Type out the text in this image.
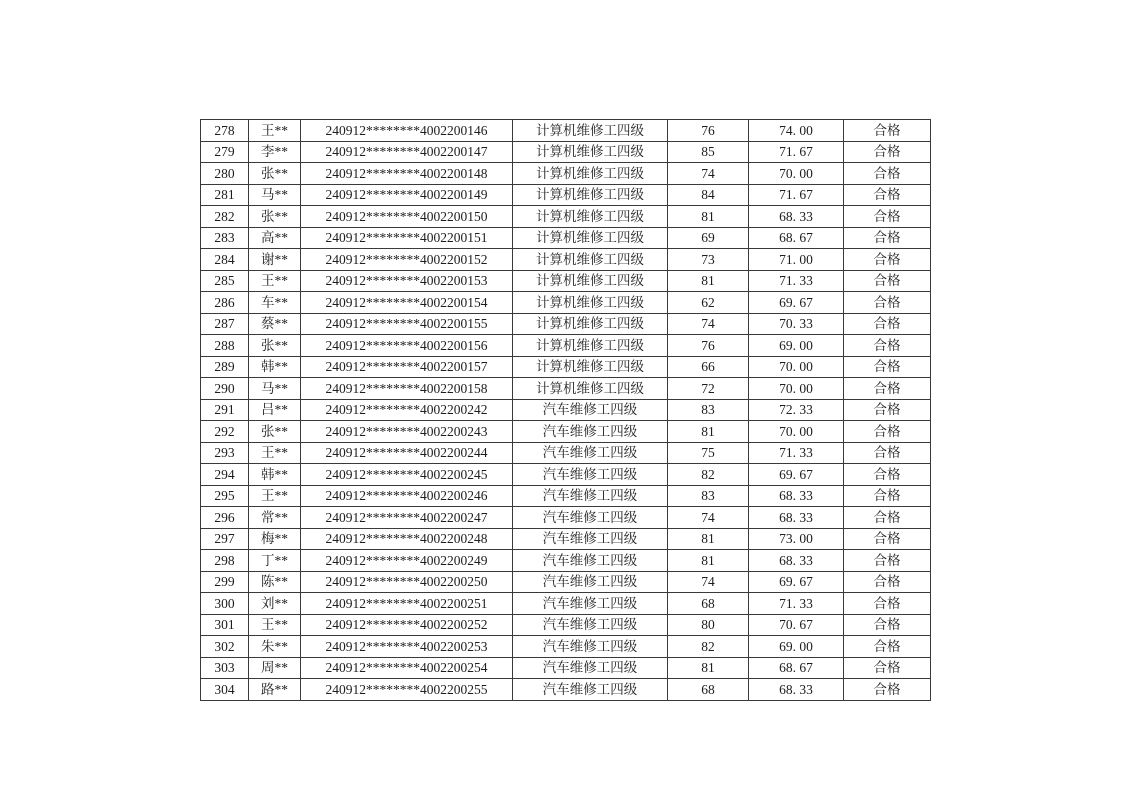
278	王**	240912********4002200146	计算机维修工四级	76	74. 00	合格
279	李**	240912********4002200147	计算机维修工四级	85	71. 67	合格
280	张**	240912********4002200148	计算机维修工四级	74	70. 00	合格
281	马**	240912********4002200149	计算机维修工四级	84	71. 67	合格
282	张**	240912********4002200150	计算机维修工四级	81	68. 33	合格
283	高**	240912********4002200151	计算机维修工四级	69	68. 67	合格
284	谢**	240912********4002200152	计算机维修工四级	73	71. 00	合格
285	王**	240912********4002200153	计算机维修工四级	81	71. 33	合格
286	车**	240912********4002200154	计算机维修工四级	62	69. 67	合格
287	蔡**	240912********4002200155	计算机维修工四级	74	70. 33	合格
288	张**	240912********4002200156	计算机维修工四级	76	69. 00	合格
289	韩**	240912********4002200157	计算机维修工四级	66	70. 00	合格
290	马**	240912********4002200158	计算机维修工四级	72	70. 00	合格
291	吕**	240912********4002200242	汽车维修工四级	83	72. 33	合格
292	张**	240912********4002200243	汽车维修工四级	81	70. 00	合格
293	王**	240912********4002200244	汽车维修工四级	75	71. 33	合格
294	韩**	240912********4002200245	汽车维修工四级	82	69. 67	合格
295	王**	240912********4002200246	汽车维修工四级	83	68. 33	合格
296	常**	240912********4002200247	汽车维修工四级	74	68. 33	合格
297	梅**	240912********4002200248	汽车维修工四级	81	73. 00	合格
298	丁**	240912********4002200249	汽车维修工四级	81	68. 33	合格
299	陈**	240912********4002200250	汽车维修工四级	74	69. 67	合格
300	刘**	240912********4002200251	汽车维修工四级	68	71. 33	合格
301	王**	240912********4002200252	汽车维修工四级	80	70. 67	合格
302	朱**	240912********4002200253	汽车维修工四级	82	69. 00	合格
303	周**	240912********4002200254	汽车维修工四级	81	68. 67	合格
304	路**	240912********4002200255	汽车维修工四级	68	68. 33	合格
